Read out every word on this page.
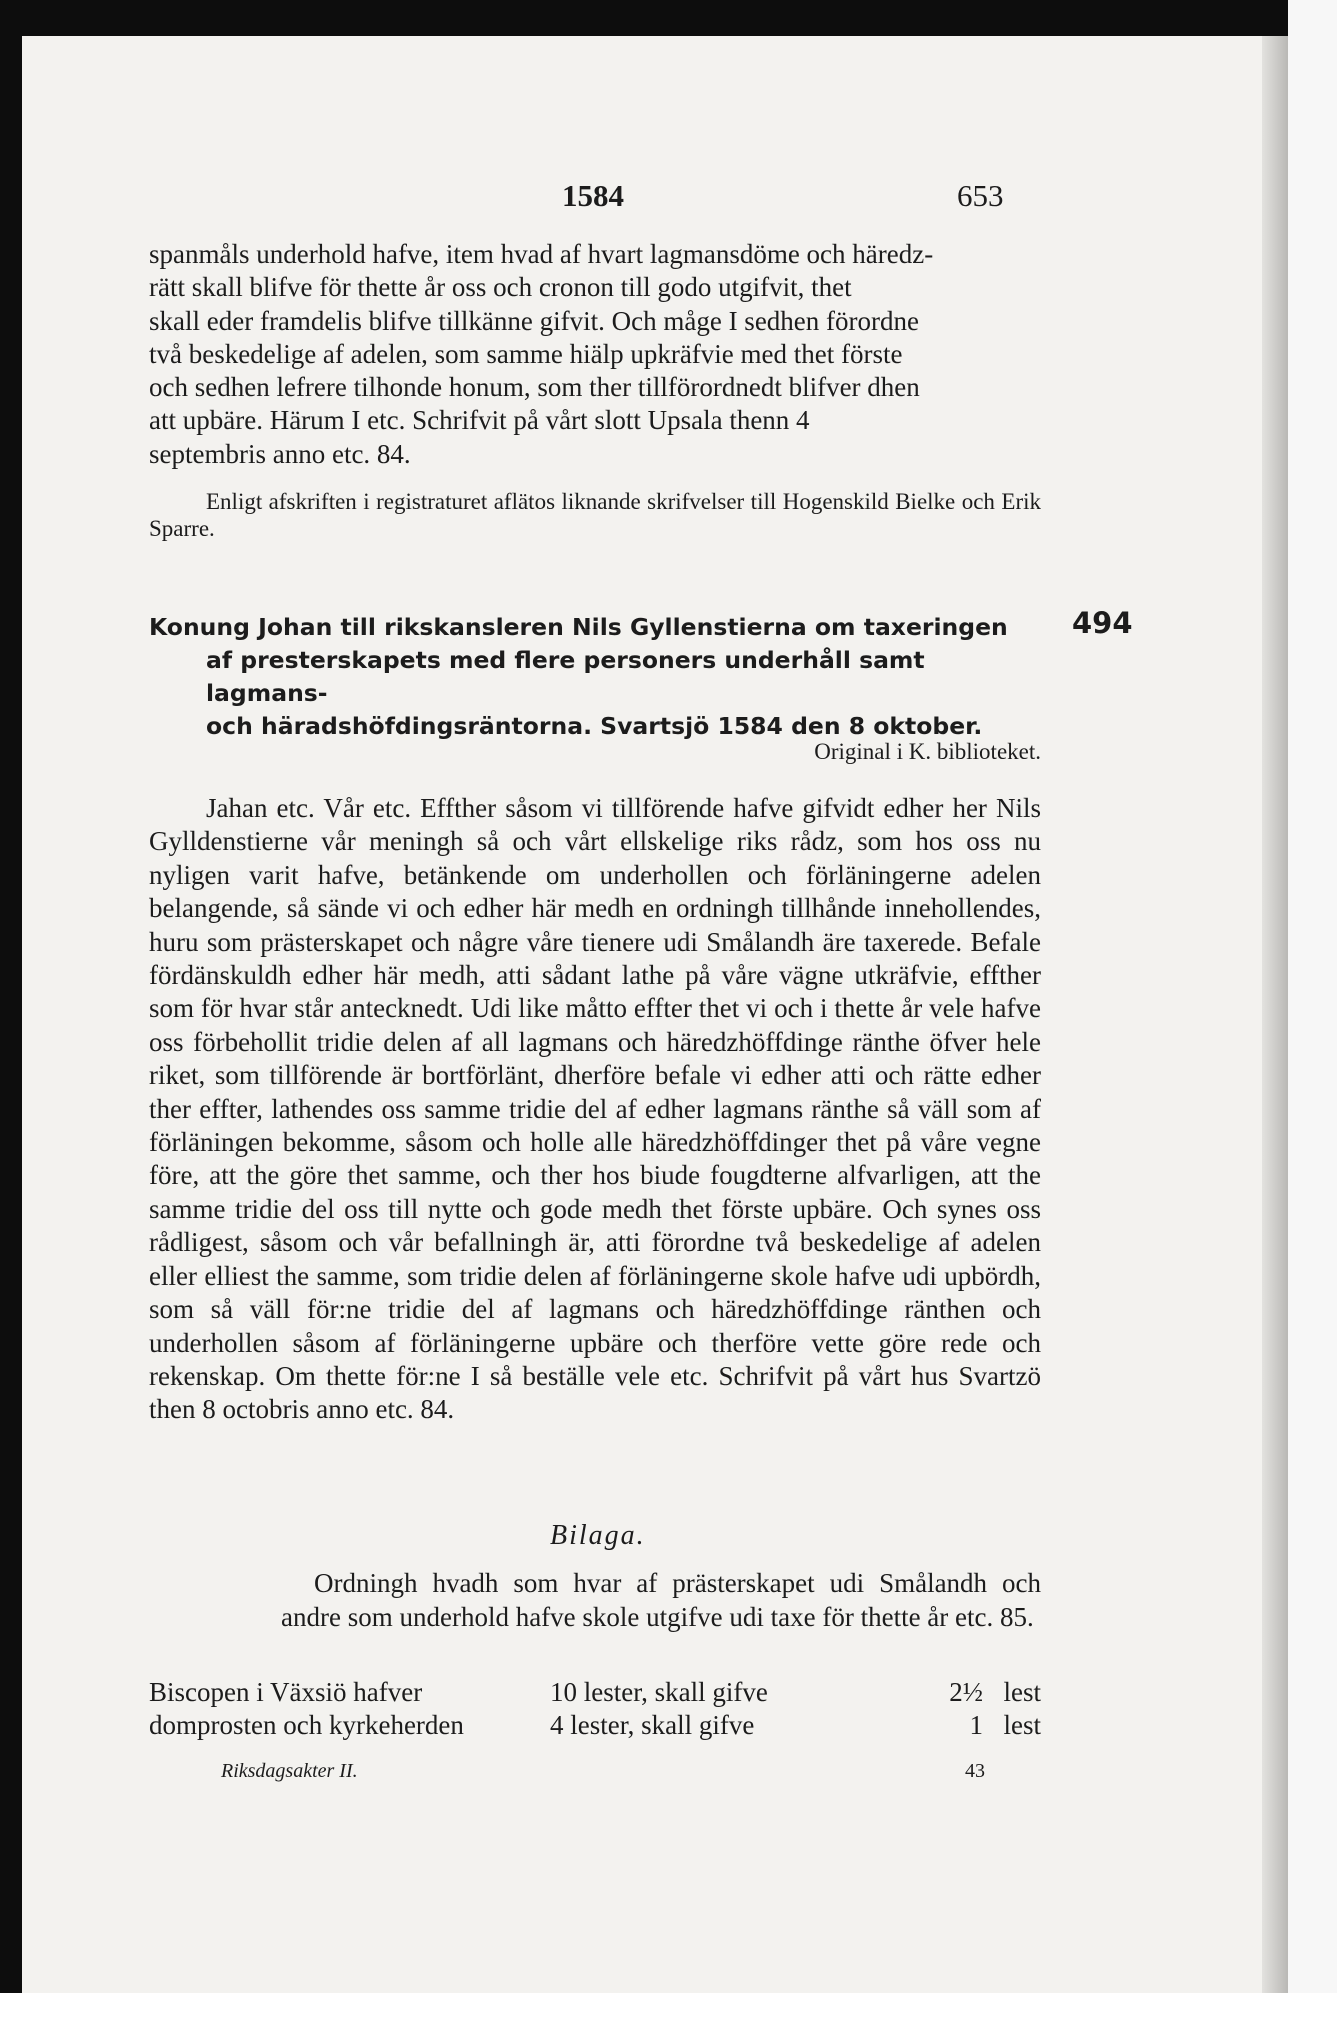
1584	653
spanmåls underhold hafve, item hvad af hvart lagmansdöme och häredz-
rätt skall blifve för thette år oss och cronon till godo utgifvit, thet
skall eder framdelis blifve tillkänne gifvit. Och måge I sedhen förordne
två beskedelige af adelen, som samme hiälp upkräfvie med thet förste
och sedhen lefrere tilhonde honum, som ther tillförordnedt blifver dhen
att upbäre. Härum I etc. Schrifvit på vårt slott Upsala thenn 4
septembris anno etc. 84.
Enligt afskriften i registraturet aflätos liknande skrifvelser till Hogenskild Bielke och Erik Sparre.
Konung Johan till rikskansleren Nils Gyllenstierna om taxeringen
af presterskapets med flere personers underhåll samt lagmans-
och häradshöfdingsräntorna. Svartsjö 1584 den 8 oktober.
494
Original i K. biblioteket.
Jahan etc. Vår etc. Effther såsom vi tillförende hafve gifvidt edher her Nils Gylldenstierne vår meningh så och vårt ellskelige riks rådz, som hos oss nu nyligen varit hafve, betänkende om underhollen och förläningerne adelen belangende, så sände vi och edher här medh en ordningh tillhånde innehollendes, huru som prästerskapet och någre våre tienere udi Smålandh äre taxerede. Befale fördänskuldh edher här medh, atti sådant lathe på våre vägne utkräfvie, effther som för hvar står antecknedt. Udi like måtto effter thet vi och i thette år vele hafve oss förbehollit tridie delen af all lagmans och häredzhöffdinge ränthe öfver hele riket, som tillförende är bortförlänt, dherföre befale vi edher atti och rätte edher ther effter, lathendes oss samme tridie del af edher lagmans ränthe så väll som af förläningen bekomme, såsom och holle alle häredzhöffdinger thet på våre vegne före, att the göre thet samme, och ther hos biude fougdterne alfvarligen, att the samme tridie del oss till nytte och gode medh thet förste upbäre. Och synes oss rådligest, såsom och vår befallningh är, atti förordne två beskedelige af adelen eller elliest the samme, som tridie delen af förläningerne skole hafve udi upbördh, som så väll för:ne tridie del af lagmans och häredzhöffdinge ränthen och underhollen såsom af förläningerne upbäre och therföre vette göre rede och rekenskap. Om thette för:ne I så beställe vele etc. Schrifvit på vårt hus Svartzö then 8 octobris anno etc. 84.
Bilaga.
Ordningh hvadh som hvar af prästerskapet udi Smålandh och andre som underhold hafve skole utgifve udi taxe för thette år etc. 85.
Biscopen i Växsiö hafver	10 lester, skall gifve	2½ lest
domprosten och kyrkeherden	4 lester, skall gifve	1 lest
Riksdagsakter II.	43
